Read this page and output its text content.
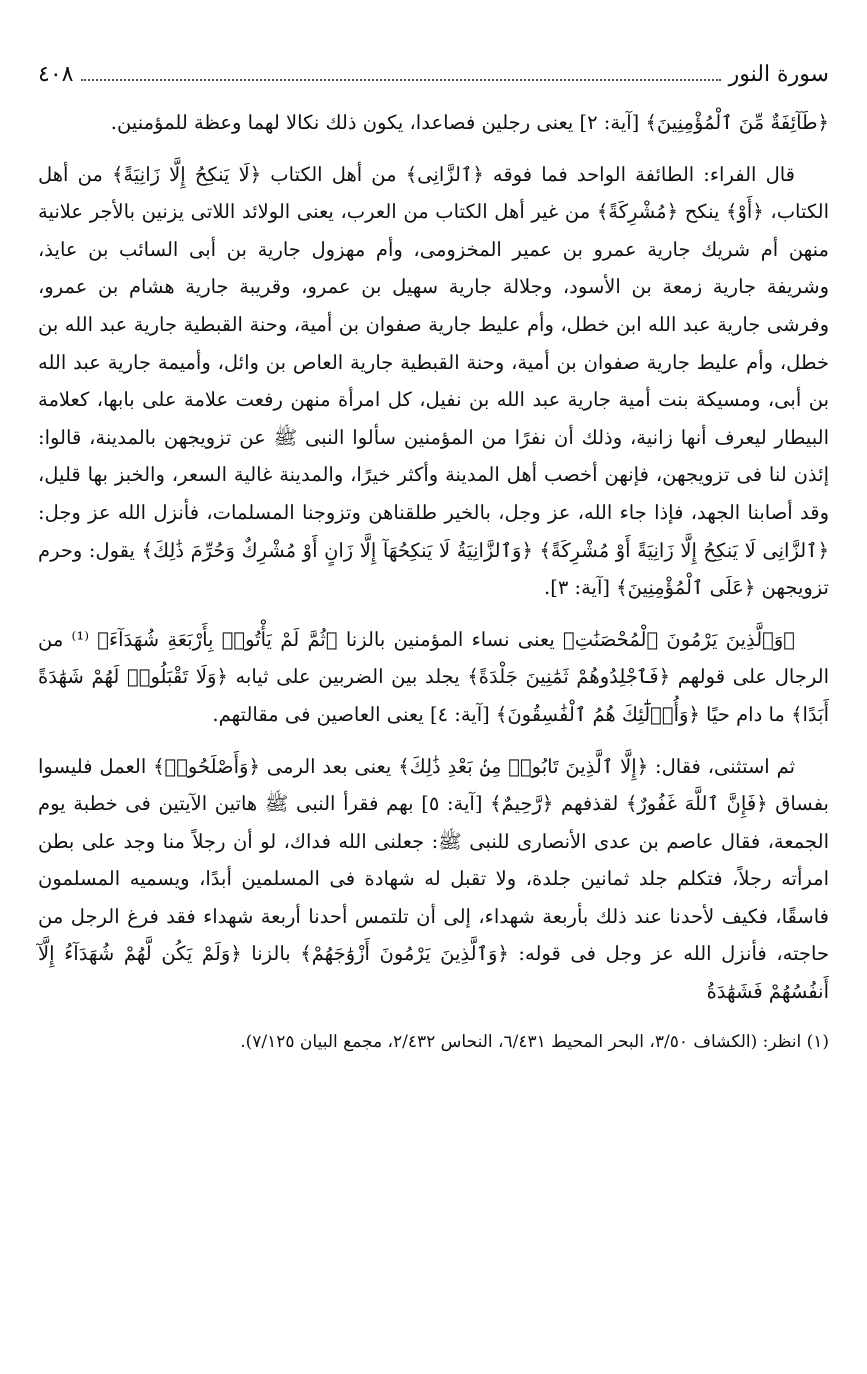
سورة النور
٤٠٨

﴿طَآئِفَةٌ مِّنَ ٱلْمُؤْمِنِينَ﴾ [آية: ٢] يعنى رجلين فصاعدا، يكون ذلك نكالا لهما وعظة للمؤمنين.

قال الفراء: الطائفة الواحد فما فوقه ﴿ٱلزَّانِى﴾ من أهل الكتاب ﴿لَا يَنكِحُ إِلَّا زَانِيَةً﴾ من أهل الكتاب، ﴿أَوْ﴾ ينكح ﴿مُشْرِكَةً﴾ من غير أهل الكتاب من العرب، يعنى الولائد اللاتى يزنين بالأجر علانية منهن أم شريك جارية عمرو بن عمير المخزومى، وأم مهزول جارية بن أبى السائب بن عايذ، وشريفة جارية زمعة بن الأسود، وجلالة جارية سهيل بن عمرو، وقريبة جارية هشام بن عمرو، وفرشى جارية عبد الله ابن خطل، وأم عليط جارية صفوان بن أمية، وحنة القبطية جارية عبد الله بن خطل، وأم عليط جارية صفوان بن أمية، وحنة القبطية جارية العاص بن وائل، وأميمة جارية عبد الله بن أبى، ومسيكة بنت أمية جارية عبد الله بن نفيل، كل امرأة منهن رفعت علامة على بابها، كعلامة البيطار ليعرف أنها زانية، وذلك أن نفرًا من المؤمنين سألوا النبى ﷺ عن تزويجهن بالمدينة، قالوا: إئذن لنا فى تزويجهن، فإنهن أخصب أهل المدينة وأكثر خيرًا، والمدينة غالية السعر، والخبز بها قليل، وقد أصابنا الجهد، فإذا جاء الله، عز وجل، بالخير طلقناهن وتزوجنا المسلمات، فأنزل الله عز وجل: ﴿ٱلزَّانِى لَا يَنكِحُ إِلَّا زَانِيَةً أَوْ مُشْرِكَةً﴾ ﴿وَٱلزَّانِيَةُ لَا يَنكِحُهَآ إِلَّا زَانٍ أَوْ مُشْرِكٌ وَحُرِّمَ ذَٰلِكَ﴾ يقول: وحرم تزويجهن ﴿عَلَى ٱلْمُؤْمِنِينَ﴾ [آية: ٣].

﴿وَٱلَّذِينَ يَرْمُونَ ٱلْمُحْصَنَٰتِ﴾ يعنى نساء المؤمنين بالزنا ﴿ثُمَّ لَمْ يَأْتُوا۟ بِأَرْبَعَةِ شُهَدَآءَ﴾ ⁽¹⁾ من الرجال على قولهم ﴿فَٱجْلِدُوهُمْ ثَمَٰنِينَ جَلْدَةً﴾ يجلد بين الضربين على ثيابه ﴿وَلَا تَقْبَلُوا۟ لَهُمْ شَهَٰدَةً أَبَدًا﴾ ما دام حيًا ﴿وَأُو۟لَٰٓئِكَ هُمُ ٱلْفَٰسِقُونَ﴾ [آية: ٤] يعنى العاصين فى مقالتهم.

ثم استثنى، فقال: ﴿إِلَّا ٱلَّذِينَ تَابُوا۟ مِنۢ بَعْدِ ذَٰلِكَ﴾ يعنى بعد الرمى ﴿وَأَصْلَحُوا۟﴾ العمل فليسوا بفساق ﴿فَإِنَّ ٱللَّهَ غَفُورٌ﴾ لقذفهم ﴿رَّحِيمٌ﴾ [آية: ٥] بهم فقرأ النبى ﷺ هاتين الآيتين فى خطبة يوم الجمعة، فقال عاصم بن عدى الأنصارى للنبى ﷺ: جعلنى الله فداك، لو أن رجلاً منا وجد على بطن امرأته رجلاً، فتكلم جلد ثمانين جلدة، ولا تقبل له شهادة فى المسلمين أبدًا، ويسميه المسلمون فاسقًا، فكيف لأحدنا عند ذلك بأربعة شهداء، إلى أن تلتمس أحدنا أربعة شهداء فقد فرغ الرجل من حاجته، فأنزل الله عز وجل فى قوله: ﴿وَٱلَّذِينَ يَرْمُونَ أَزْوَٰجَهُمْ﴾ بالزنا ﴿وَلَمْ يَكُن لَّهُمْ شُهَدَآءُ إِلَّآ أَنفُسُهُمْ فَشَهَٰدَةُ

(١) انظر: (الكشاف ٣/٥٠، البحر المحيط ٦/٤٣١، النحاس ٢/٤٣٢، مجمع البيان ٧/١٢٥).
